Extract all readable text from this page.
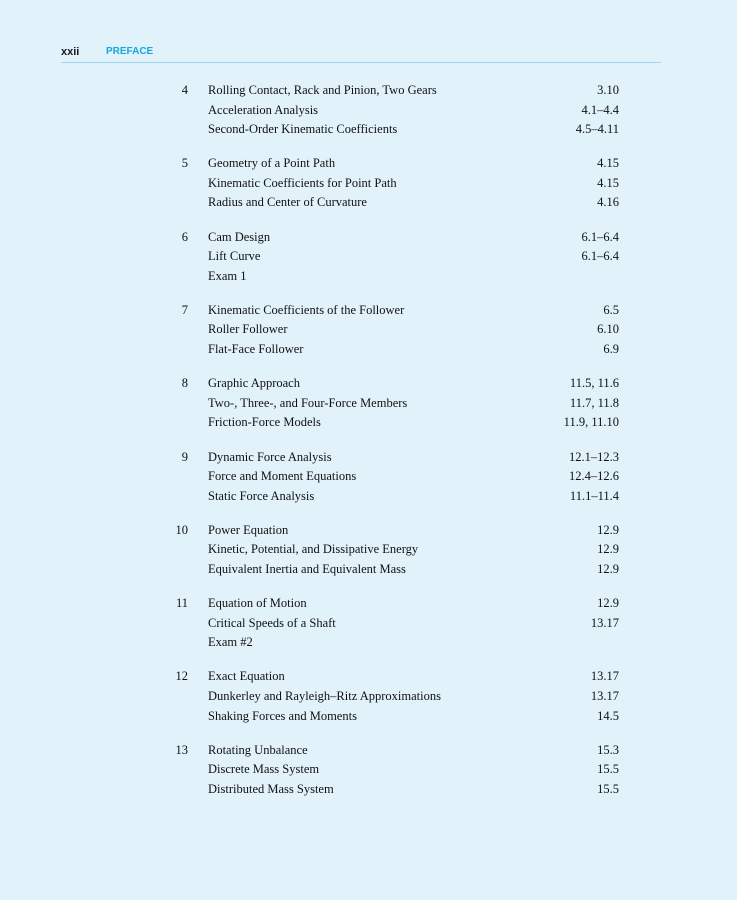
xxii	PREFACE
4 Rolling Contact, Rack and Pinion, Two Gears	3.10
Acceleration Analysis	4.1–4.4
Second-Order Kinematic Coefficients	4.5–4.11
5 Geometry of a Point Path	4.15
Kinematic Coefficients for Point Path	4.15
Radius and Center of Curvature	4.16
6 Cam Design	6.1–6.4
Lift Curve	6.1–6.4
Exam 1
7 Kinematic Coefficients of the Follower	6.5
Roller Follower	6.10
Flat-Face Follower	6.9
8 Graphic Approach	11.5, 11.6
Two-, Three-, and Four-Force Members	11.7, 11.8
Friction-Force Models	11.9, 11.10
9 Dynamic Force Analysis	12.1–12.3
Force and Moment Equations	12.4–12.6
Static Force Analysis	11.1–11.4
10 Power Equation	12.9
Kinetic, Potential, and Dissipative Energy	12.9
Equivalent Inertia and Equivalent Mass	12.9
11 Equation of Motion	12.9
Critical Speeds of a Shaft	13.17
Exam #2
12 Exact Equation	13.17
Dunkerley and Rayleigh–Ritz Approximations	13.17
Shaking Forces and Moments	14.5
13 Rotating Unbalance	15.3
Discrete Mass System	15.5
Distributed Mass System	15.5
